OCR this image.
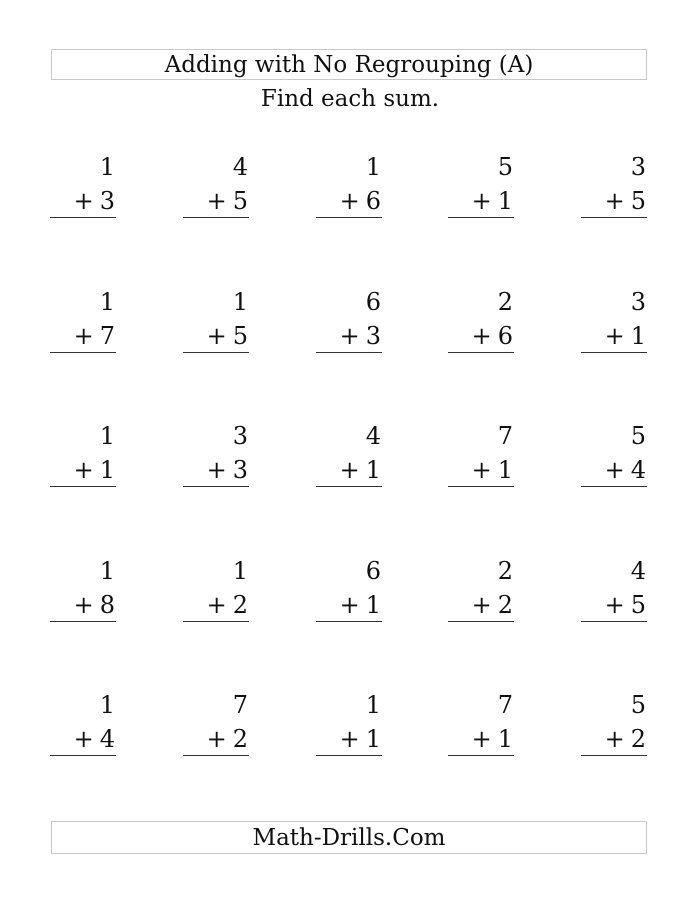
Adding with No Regrouping (A)
Find each sum.
1
+ 3
4
+ 5
1
+ 6
5
+ 1
3
+ 5
1
+ 7
1
+ 5
6
+ 3
2
+ 6
3
+ 1
1
+ 1
3
+ 3
4
+ 1
7
+ 1
5
+ 4
1
+ 8
1
+ 2
6
+ 1
2
+ 2
4
+ 5
1
+ 4
7
+ 2
1
+ 1
7
+ 1
5
+ 2
Math-Drills.Com
